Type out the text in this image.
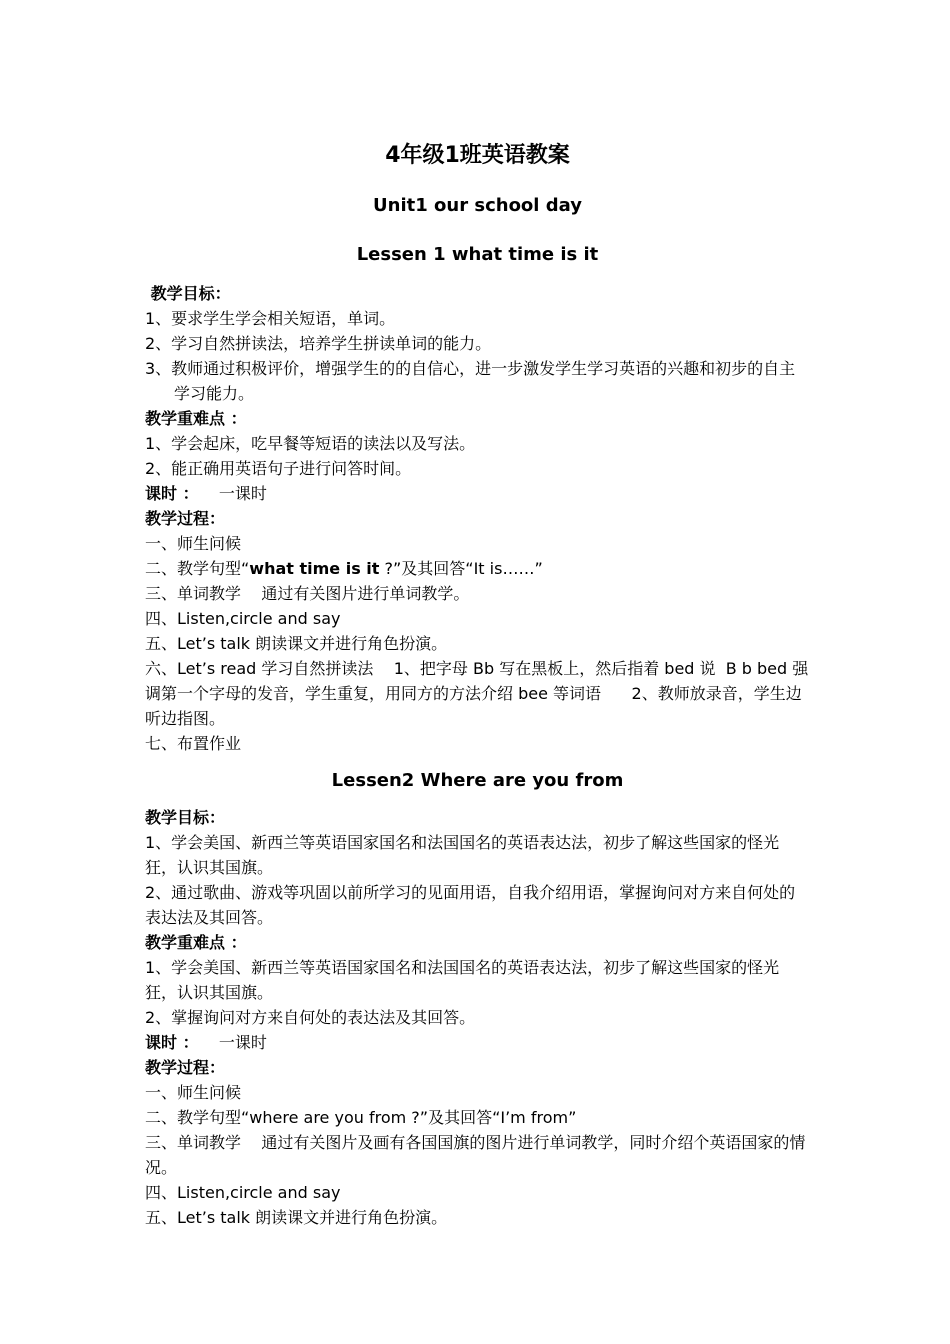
4年级1班英语教案
Unit1 our school day
Lessen 1 what time is it
教学目标：
1、要求学生学会相关短语，单词。
2、学习自然拼读法，培养学生拼读单词的能力。
3、教师通过积极评价，增强学生的的自信心，进一步激发学生学习英语的兴趣和初步的自主学习能力。
教学重难点 ：
1、学会起床，吃早餐等短语的读法以及写法。
2、能正确用英语句子进行问答时间。
课时 ：    一课时
教学过程：
一、师生问候
二、教学句型“what time is it ?”及其回答“It is……”
三、单词教学    通过有关图片进行单词教学。
四、Listen,circle and say
五、Let’s talk 朗读课文并进行角色扮演。
六、Let’s read 学习自然拼读法    1、把字母 Bb 写在黑板上，然后指着 bed 说  B b bed 强调第一个字母的发音，学生重复，用同方的方法介绍 bee 等词语      2、教师放录音，学生边听边指图。
七、布置作业
Lessen2 Where are you from
教学目标：
1、学会美国、新西兰等英语国家国名和法国国名的英语表达法，初步了解这些国家的怪光狂，认识其国旗。
2、通过歌曲、游戏等巩固以前所学习的见面用语，自我介绍用语，掌握询问对方来自何处的表达法及其回答。
教学重难点 ：
1、学会美国、新西兰等英语国家国名和法国国名的英语表达法，初步了解这些国家的怪光狂，认识其国旗。
2、掌握询问对方来自何处的表达法及其回答。
课时 ：    一课时
教学过程：
一、师生问候
二、教学句型“where are you from ?”及其回答“I’m from”
三、单词教学    通过有关图片及画有各国国旗的图片进行单词教学，同时介绍个英语国家的情况。
四、Listen,circle and say
五、Let’s talk 朗读课文并进行角色扮演。
